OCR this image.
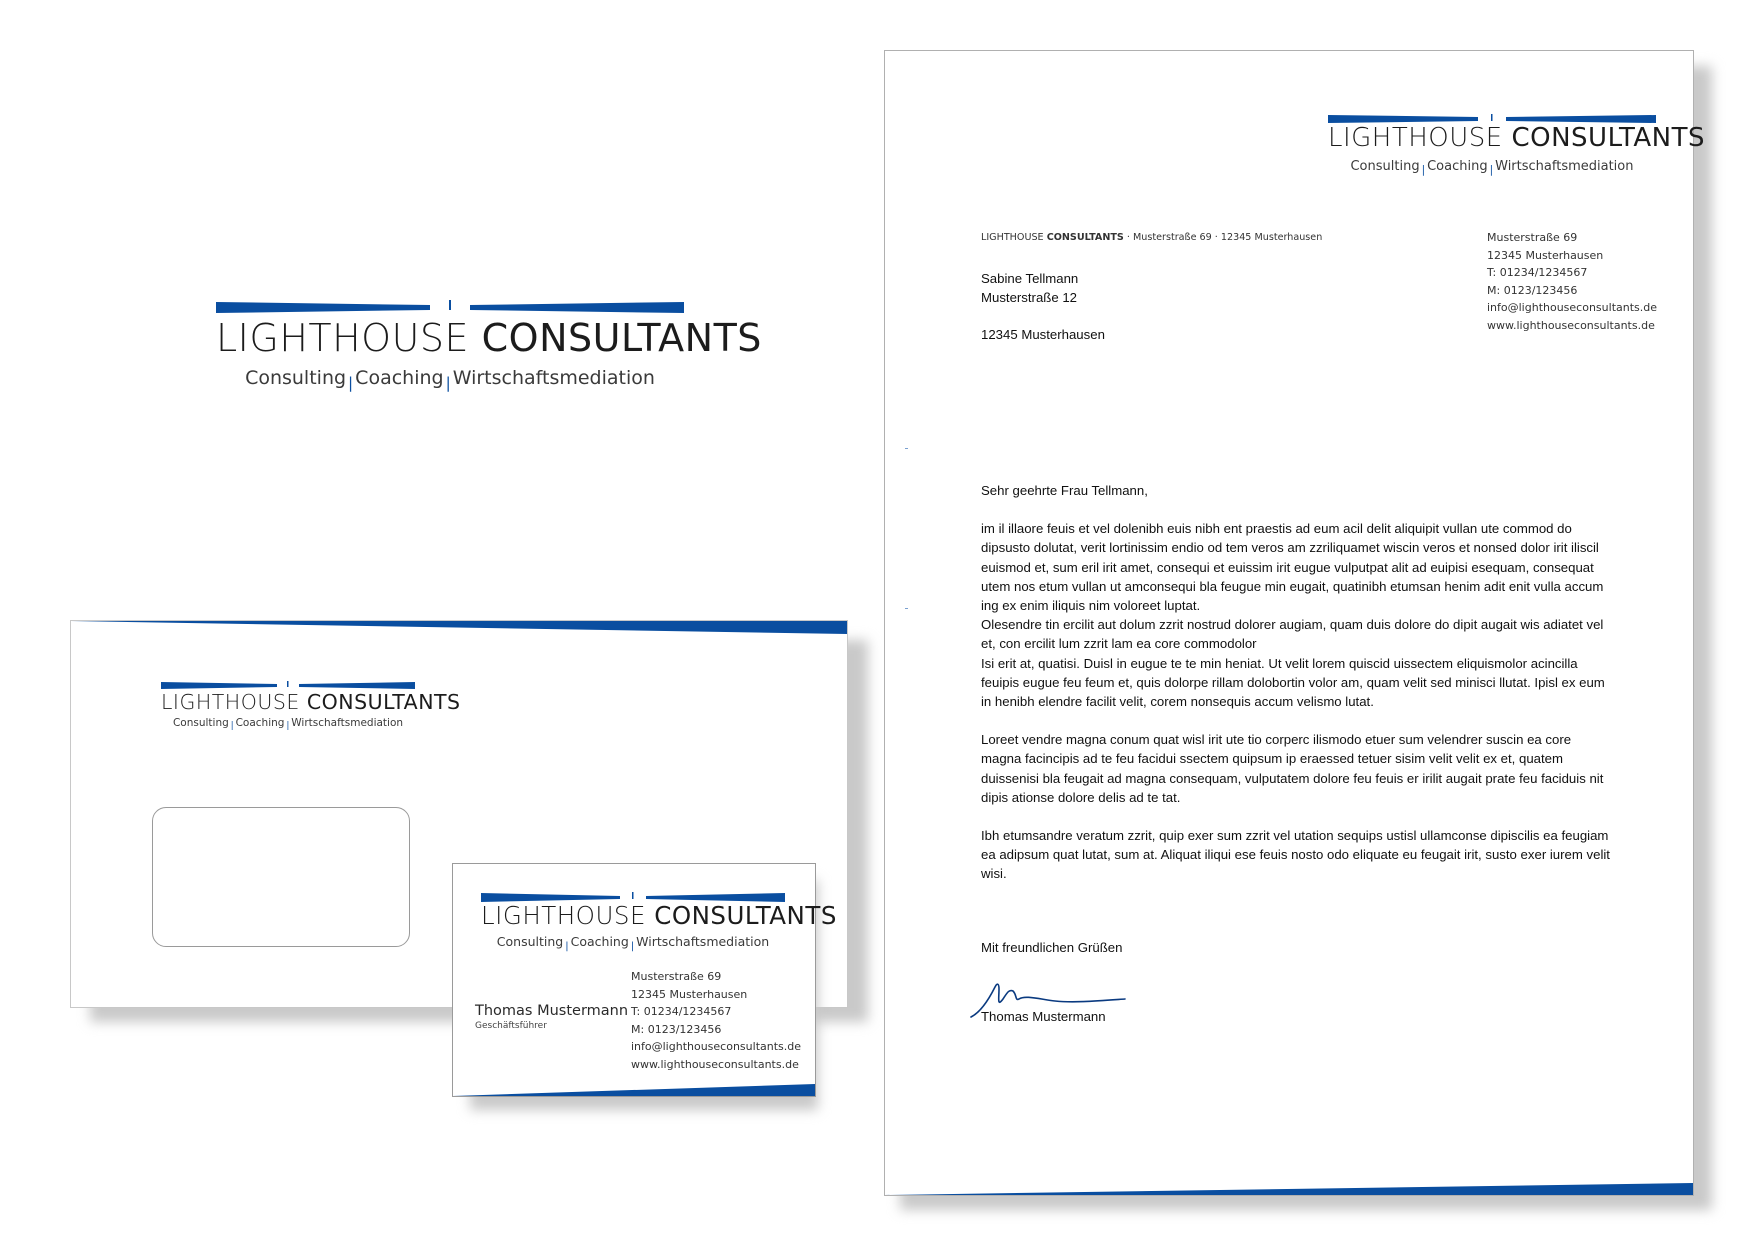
LIGHTHOUSE CONSULTANTS
Consulting | Coaching | Wirtschaftsmediation
LIGHTHOUSE CONSULTANTS
Consulting $_|$ Coaching $_|$ Wirtschaftsmediation
LIGHTHOUSE CONSULTANTS
Consulting $_|$ Coaching $_|$ Wirtschaftsmediation
Thomas Mustermann
Geschäftsführer
Musterstraße 69
12345 Musterhausen
T: 01234/1234567
M: 0123/123456
info@lighthouseconsultants.de
www.lighthouseconsultants.de
LIGHTHOUSE CONSULTANTS
Consulting $_|$ Coaching $_|$ Wirtschaftsmediation
LIGHTHOUSE CONSULTANTS · Musterstraße 69 · 12345 Musterhausen	Musterstraße 69
12345 Musterhausen
T: 01234/1234567
M: 0123/123456
info@lighthouseconsultants.de
www.lighthouseconsultants.de
Sabine Tellmann
Musterstraße 12
12345 Musterhausen

Sehr geehrte Frau Tellmann,

im il illaore feuis et vel dolenibh euis nibh ent praestis ad eum acil delit aliquipit vullan ute commod do dipsusto dolutat, verit lortinissim endio od tem veros am zzriliquamet wiscin veros et nonsed dolor irit iliscil euismod et, sum eril irit amet, consequi et euissim irit eugue vulputpat alit ad euipisi esequam, consequat utem nos etum vullan ut amconsequi bla feugue min eugait, quatinibh etumsan henim adit enit vulla accum ing ex enim iliquis nim voloreet luptat.
Olesendre tin ercilit aut dolum zzrit nostrud dolorer augiam, quam duis dolore do dipit augait wis adiatet vel et, con ercilit lum zzrit lam ea core commodolor

Isi erit at, quatisi. Duisl in eugue te te min heniat. Ut velit lorem quiscid uissectem eliquismolor acincilla feuipis eugue feu feum et, quis dolorpe rillam dolobortin volor am, quam velit sed minisci llutat. Ipisl ex eum in henibh elendre facilit velit, corem nonsequis accum velismo lutat.

Loreet vendre magna conum quat wisl irit ute tio corperc ilismodo etuer sum velendrer suscin ea core magna facincipis ad te feu facidui ssectem quipsum ip eraessed tetuer sisim velit velit ex et, quatem duissenisi bla feugait ad magna consequam, vulputatem dolore feu feuis er irilit augait prate feu faciduis nit dipis ationse dolore delis ad te tat.

Ibh etumsandre veratum zzrit, quip exer sum zzrit vel utation sequips ustisl ullamconse dipiscilis ea feugiam ea adipsum quat lutat, sum at. Aliquat iliqui ese feuis nosto odo eliquate eu feugait irit, susto exer iurem velit wisi.

Mit freundlichen Grüßen
Thomas Mustermann
